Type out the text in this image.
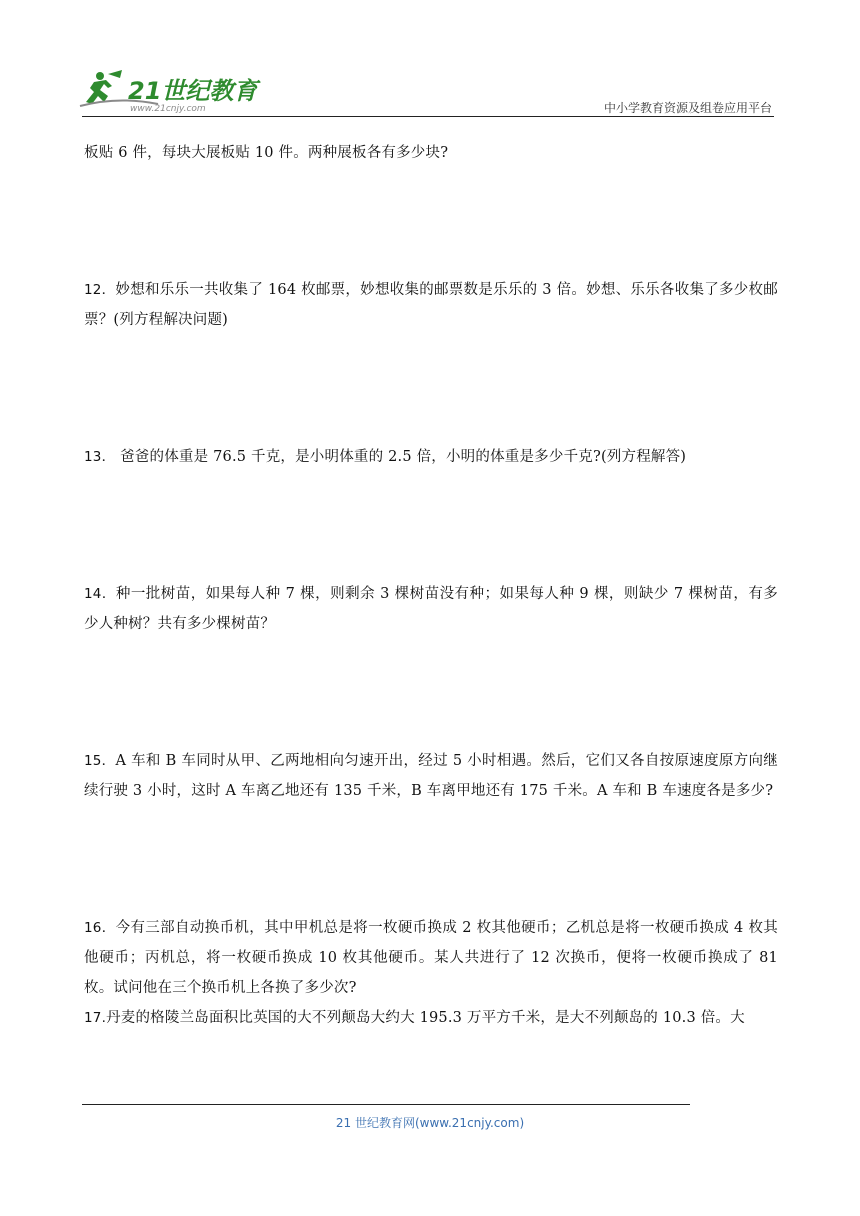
21世纪教育
www.21cnjy.com	中小学教育资源及组卷应用平台

板贴 6 件，每块大展板贴 10 件。两种展板各有多少块?

12．妙想和乐乐一共收集了 164 枚邮票，妙想收集的邮票数是乐乐的 3 倍。妙想、乐乐各收集了多少枚邮票？(列方程解决问题)

13． 爸爸的体重是 76.5 千克，是小明体重的 2.5 倍，小明的体重是多少千克?(列方程解答)

14．种一批树苗，如果每人种 7 棵，则剩余 3 棵树苗没有种；如果每人种 9 棵，则缺少 7 棵树苗，有多少人种树？共有多少棵树苗？

15．A 车和 B 车同时从甲、乙两地相向匀速开出，经过 5 小时相遇。然后，它们又各自按原速度原方向继续行驶 3 小时，这时 A 车离乙地还有 135 千米，B 车离甲地还有 175 千米。A 车和 B 车速度各是多少?

16．今有三部自动换币机，其中甲机总是将一枚硬币换成 2 枚其他硬币；乙机总是将一枚硬币换成 4 枚其他硬币；丙机总，将一枚硬币换成 10 枚其他硬币。某人共进行了 12 次换币，便将一枚硬币换成了 81 枚。试问他在三个换币机上各换了多少次?

17.丹麦的格陵兰岛面积比英国的大不列颠岛大约大 195.3 万平方千米，是大不列颠岛的 10.3 倍。大

21 世纪教育网(www.21cnjy.com)
